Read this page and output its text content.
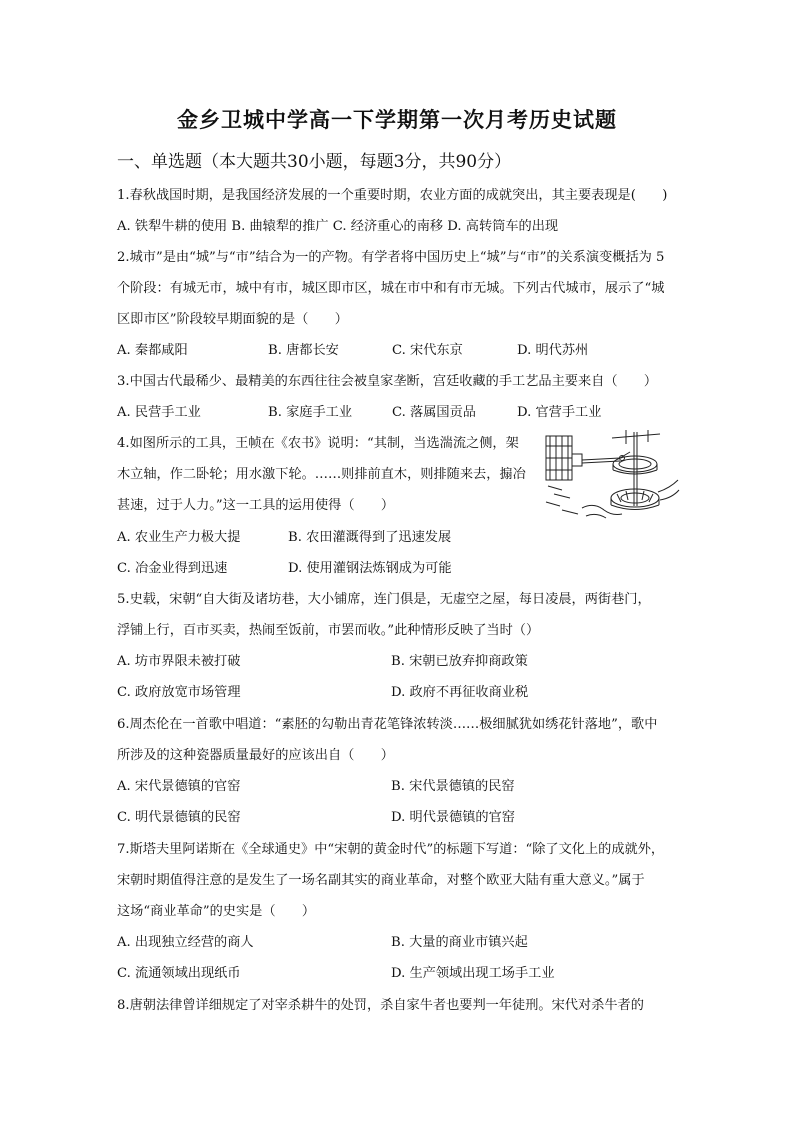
金乡卫城中学高一下学期第一次月考历史试题
一、单选题（本大题共30小题，每题3分，共90分）
1.春秋战国时期，是我国经济发展的一个重要时期，农业方面的成就突出，其主要表现是(　　)
A. 铁犁牛耕的使用 B. 曲辕犁的推广 C. 经济重心的南移 D. 高转筒车的出现
2.城市”是由“城”与“市”结合为一的产物。有学者将中国历史上“城”与“市”的关系演变概括为 5
个阶段：有城无市，城中有市，城区即市区，城在市中和有市无城。下列古代城市，展示了“城
区即市区”阶段较早期面貌的是（　　）
A. 秦都咸阳	B. 唐都长安	C. 宋代东京	D. 明代苏州
3.中国古代最稀少、最精美的东西往往会被皇家垄断，宫廷收藏的手工艺品主要来自（　　）
A. 民营手工业	B. 家庭手工业	C. 落属国贡品	D. 官营手工业
4.如图所示的工具，王帧在《农书》说明：“其制，当选湍流之侧，架
木立轴，作二卧轮；用水激下轮。……则排前直木，则排随来去，搧冶
甚速，过于人力。”这一工具的运用使得（　　）
A. 农业生产力极大提	B. 农田灌溉得到了迅速发展
C. 冶金业得到迅速	D. 使用灌钢法炼钢成为可能
5.史载，宋朝“自大街及诸坊巷，大小铺席，连门俱是，无虚空之屋，每日凌晨，两街巷门，
浮铺上行，百市买卖，热闹至饭前，市罢而收。”此种情形反映了当时（）
A. 坊市界限未被打破	B. 宋朝已放弃抑商政策
C. 政府放宽市场管理	D. 政府不再征收商业税
6.周杰伦在一首歌中唱道：“素胚的勾勒出青花笔锋浓转淡……极细腻犹如绣花针落地”，歌中
所涉及的这种瓷器质量最好的应该出自（　　）
A. 宋代景德镇的官窑	B. 宋代景德镇的民窑
C. 明代景德镇的民窑	D. 明代景德镇的官窑
7.斯塔夫里阿诺斯在《全球通史》中“宋朝的黄金时代”的标题下写道：“除了文化上的成就外，
宋朝时期值得注意的是发生了一场名副其实的商业革命，对整个欧亚大陆有重大意义。”属于
这场“商业革命”的史实是（　　）
A. 出现独立经营的商人	B. 大量的商业市镇兴起
C. 流通领域出现纸币	D. 生产领域出现工场手工业
8.唐朝法律曾详细规定了对宰杀耕牛的处罚，杀自家牛者也要判一年徒刑。宋代对杀牛者的
